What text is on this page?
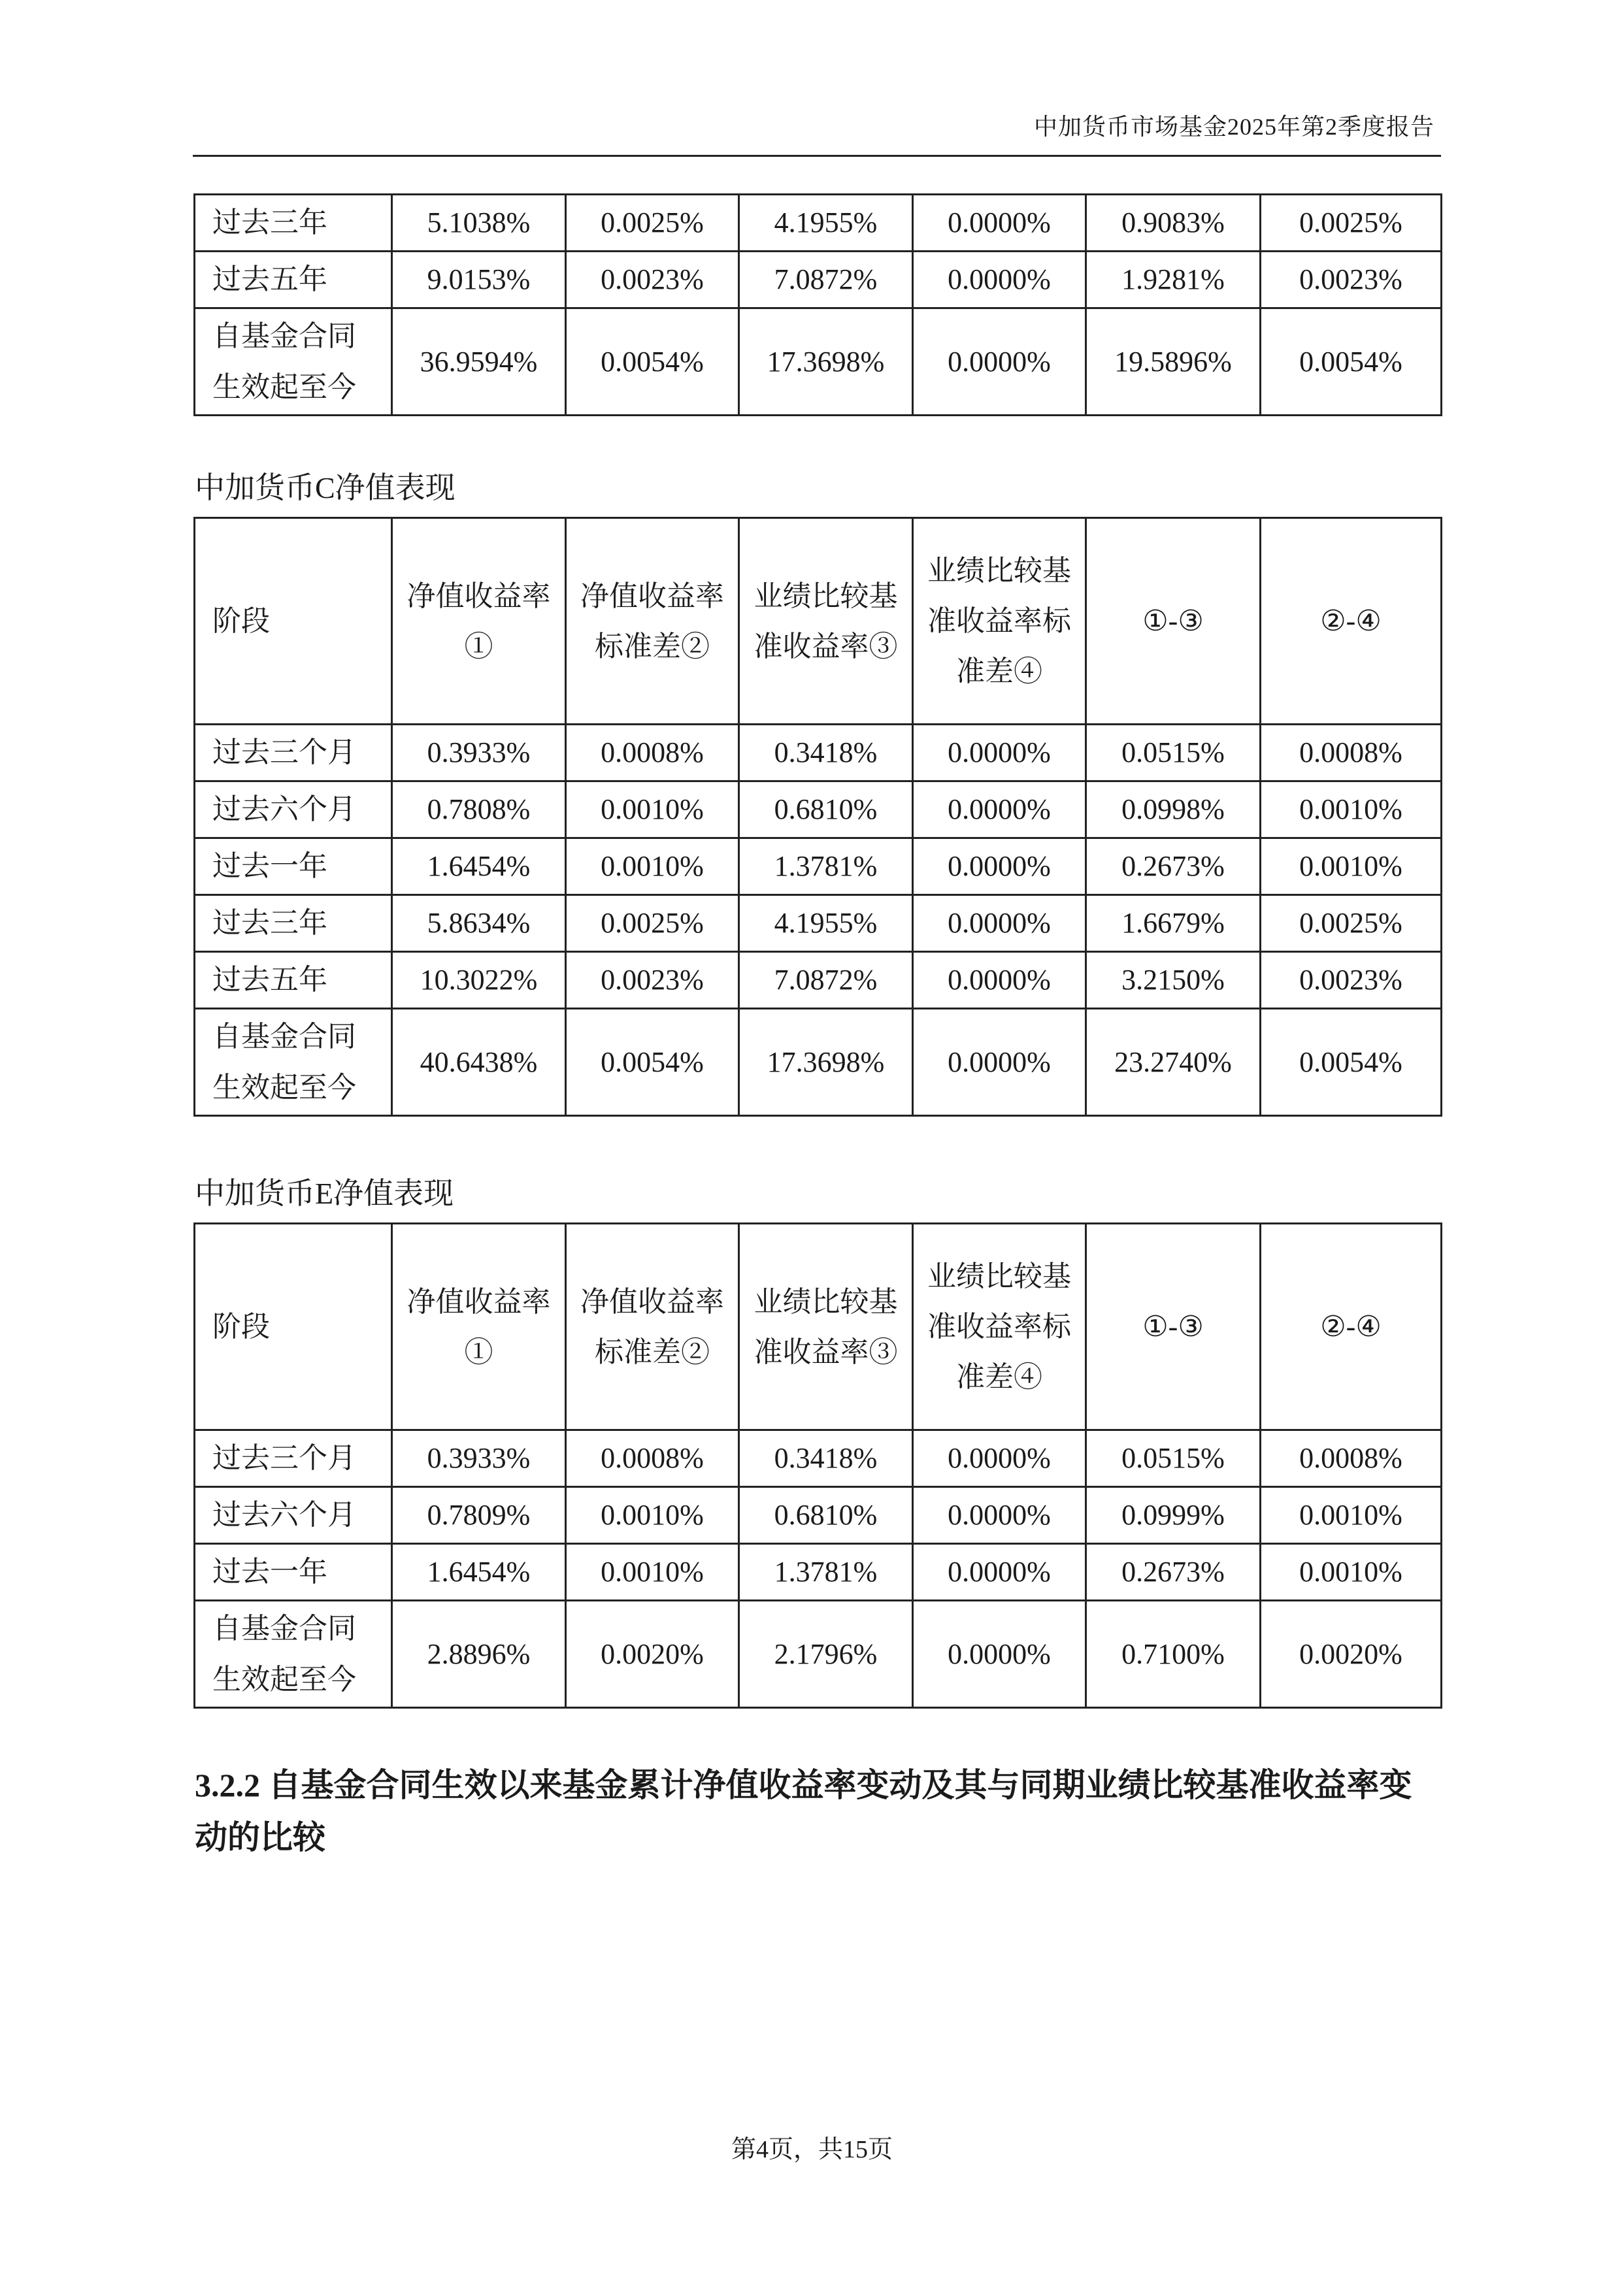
中加货币市场基金2025年第2季度报告
过去三年	5.1038%	0.0025%	4.1955%	0.0000%	0.9083%	0.0025%
过去五年	9.0153%	0.0023%	7.0872%	0.0000%	1.9281%	0.0023%
自基金合同生效起至今	36.9594%	0.0054%	17.3698%	0.0000%	19.5896%	0.0054%
中加货币C净值表现
阶段	净值收益率①	净值收益率标准差②	业绩比较基准收益率③	业绩比较基准收益率标准差④	①-③	②-④
过去三个月	0.3933%	0.0008%	0.3418%	0.0000%	0.0515%	0.0008%
过去六个月	0.7808%	0.0010%	0.6810%	0.0000%	0.0998%	0.0010%
过去一年	1.6454%	0.0010%	1.3781%	0.0000%	0.2673%	0.0010%
过去三年	5.8634%	0.0025%	4.1955%	0.0000%	1.6679%	0.0025%
过去五年	10.3022%	0.0023%	7.0872%	0.0000%	3.2150%	0.0023%
自基金合同生效起至今	40.6438%	0.0054%	17.3698%	0.0000%	23.2740%	0.0054%
中加货币E净值表现
阶段	净值收益率①	净值收益率标准差②	业绩比较基准收益率③	业绩比较基准收益率标准差④	①-③	②-④
过去三个月	0.3933%	0.0008%	0.3418%	0.0000%	0.0515%	0.0008%
过去六个月	0.7809%	0.0010%	0.6810%	0.0000%	0.0999%	0.0010%
过去一年	1.6454%	0.0010%	1.3781%	0.0000%	0.2673%	0.0010%
自基金合同生效起至今	2.8896%	0.0020%	2.1796%	0.0000%	0.7100%	0.0020%
3.2.2 自基金合同生效以来基金累计净值收益率变动及其与同期业绩比较基准收益率变动的比较
第4页，共15页
